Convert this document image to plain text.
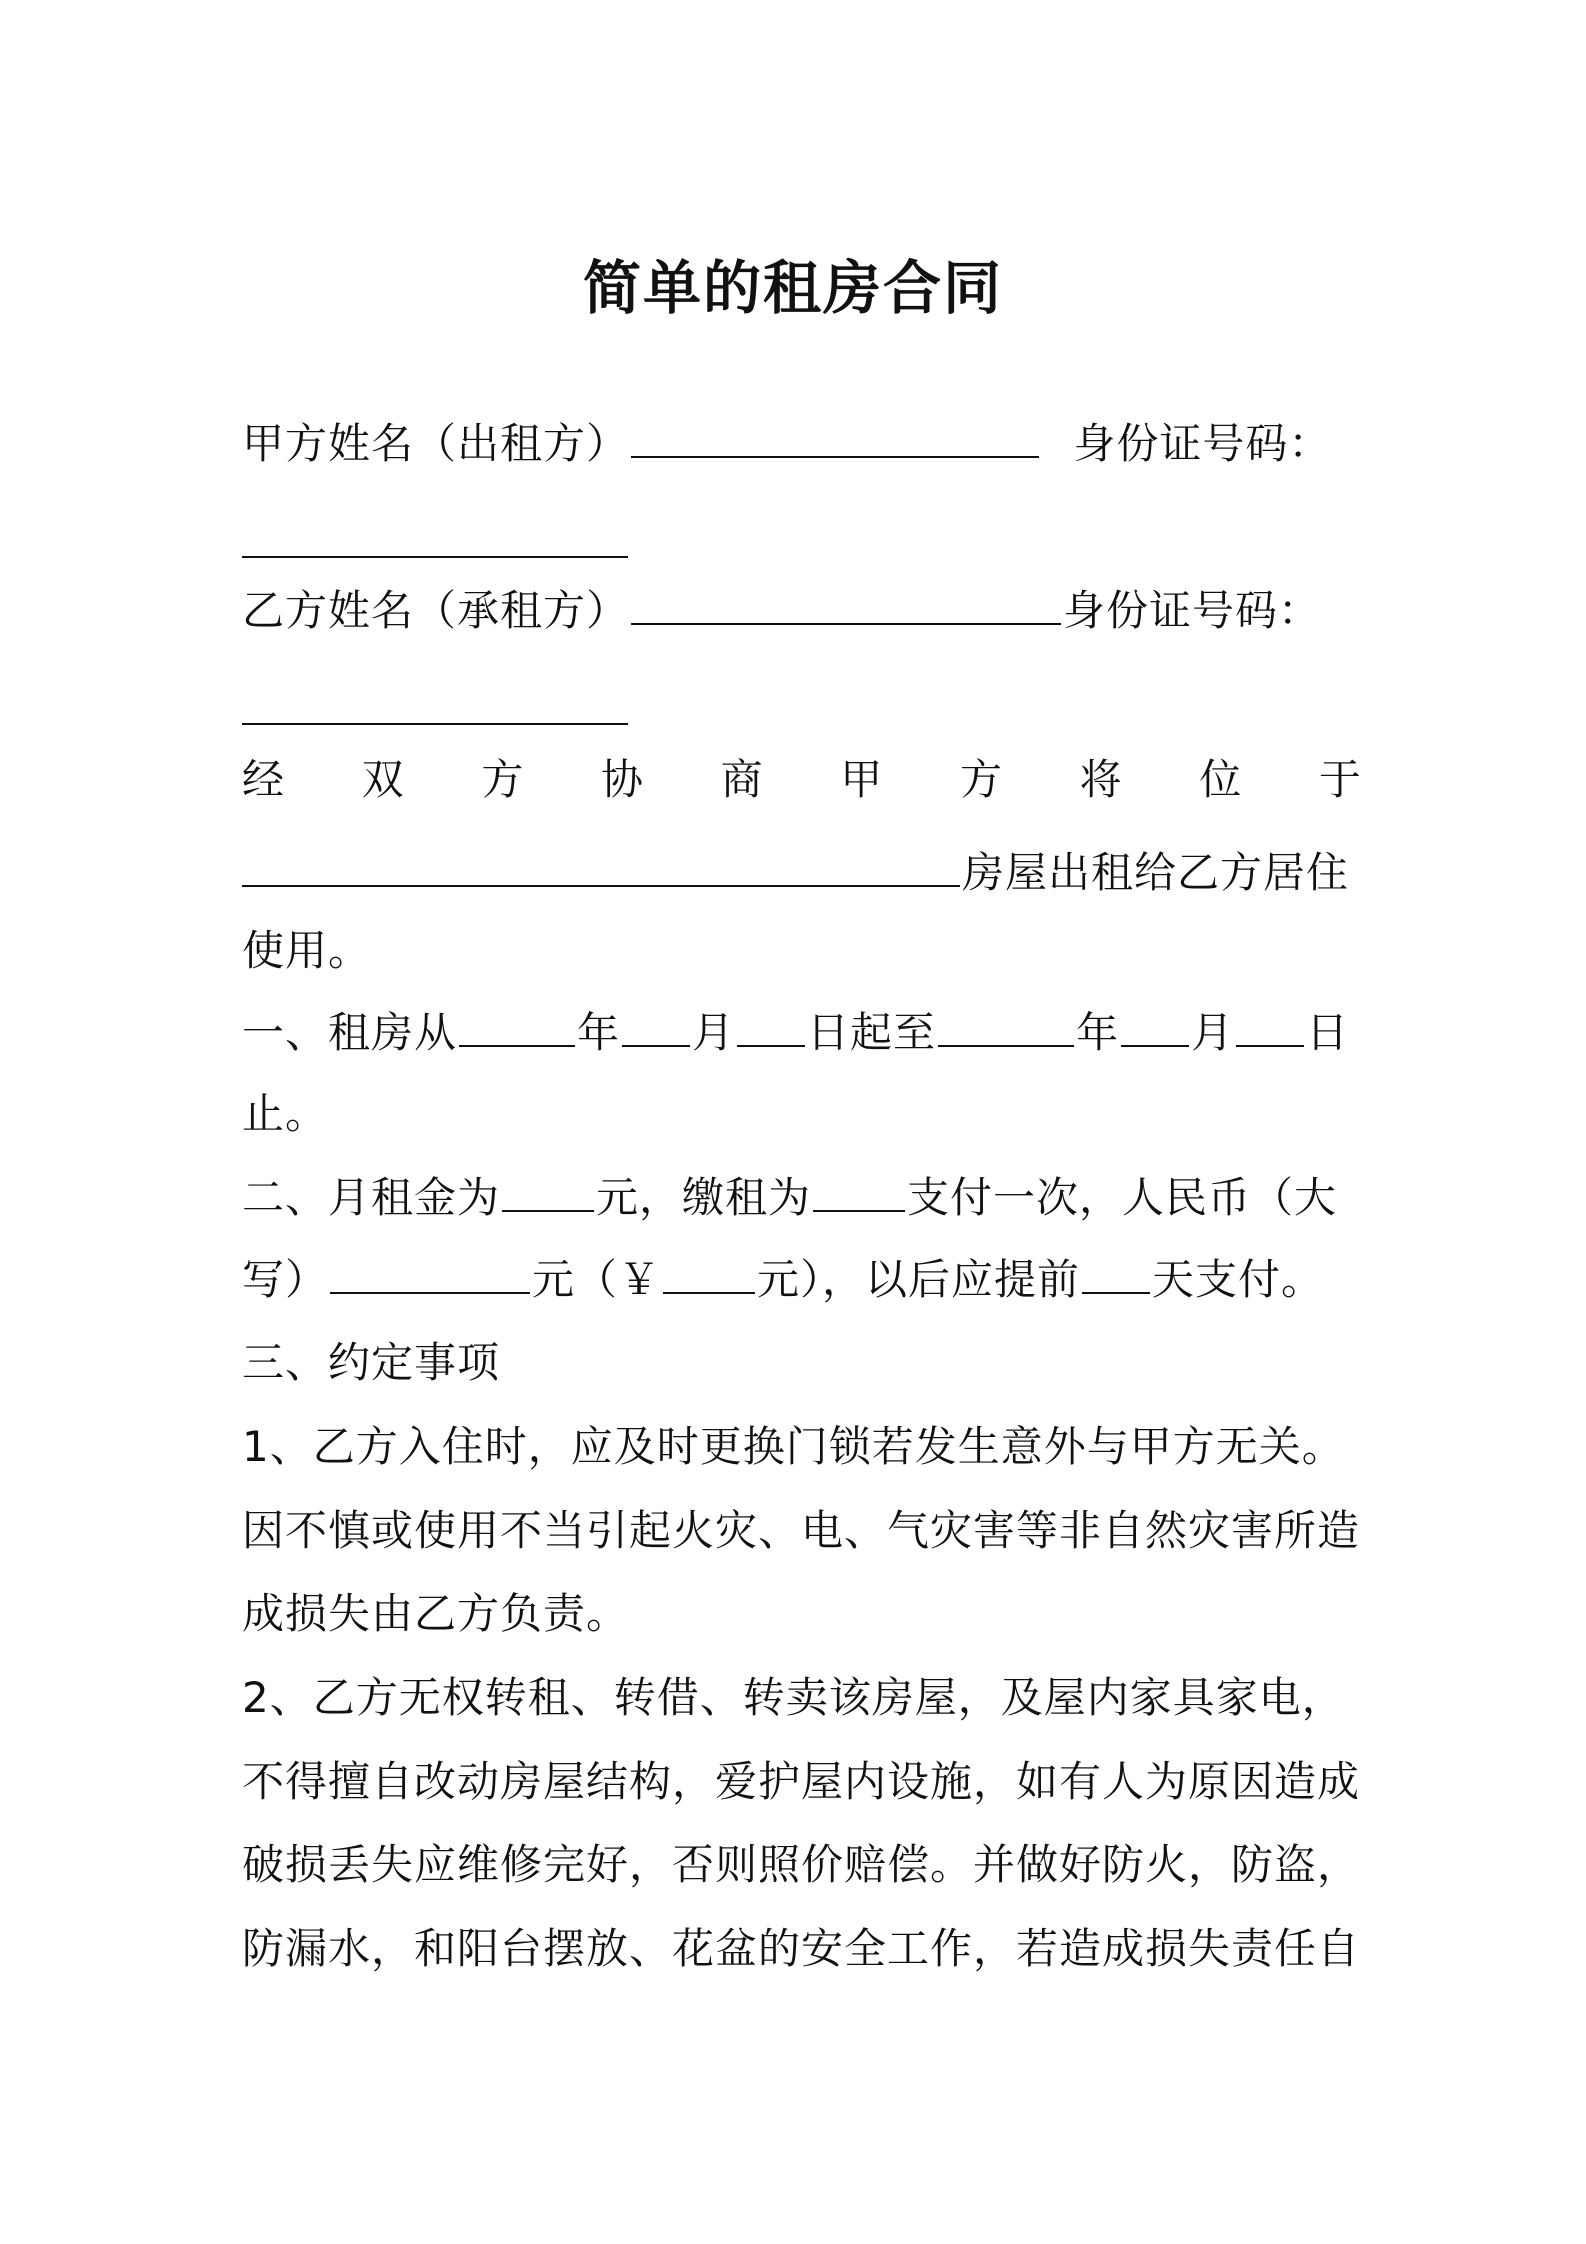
简单的租房合同
甲方姓名（出租方）	身份证号码：
乙方姓名（承租方）	身份证号码：
经 双 方 协 商 甲 方 将 位 于
房屋出租给乙方居住
使用。
一、租房从	年 月 日起至	年 月 日
止。
二、月租金为 元，缴租为 支付一次，人民币（大
写）	元（￥ 元），以后应提前 天支付。
三、约定事项
1、乙方入住时，应及时更换门锁若发生意外与甲方无关。
因不慎或使用不当引起火灾、电、气灾害等非自然灾害所造
成损失由乙方负责。
2、乙方无权转租、转借、转卖该房屋，及屋内家具家电，
不得擅自改动房屋结构，爱护屋内设施，如有人为原因造成
破损丢失应维修完好，否则照价赔偿。并做好防火，防盗，
防漏水，和阳台摆放、花盆的安全工作，若造成损失责任自
